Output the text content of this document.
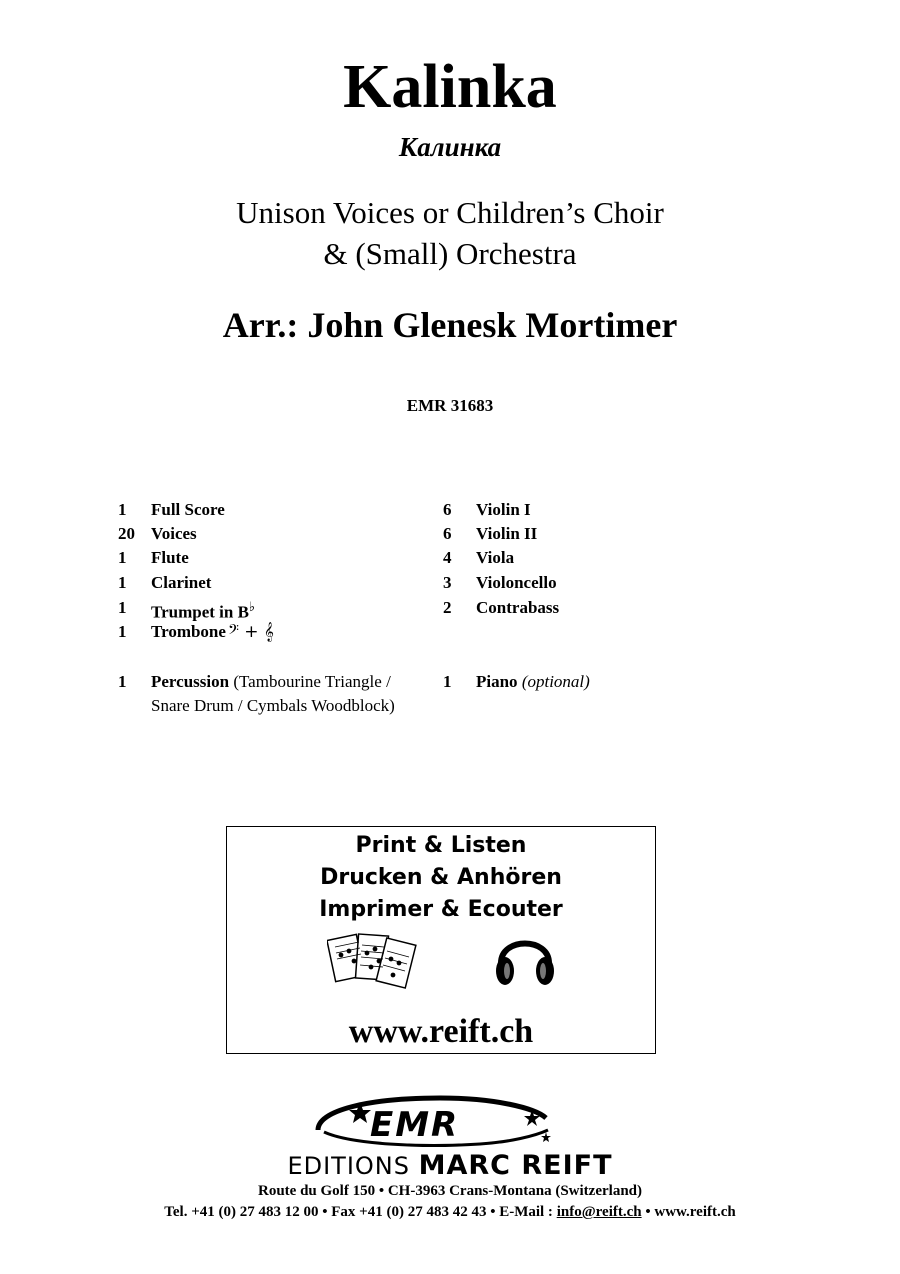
Kalinka
Калинка
Unison Voices or Children’s Choir
& (Small) Orchestra
Arr.: John Glenesk Mortimer
EMR 31683
1 Full Score
20 Voices
1 Flute
1 Clarinet
1 Trumpet in B♭
1 Trombone 𝄢 + 𝄞
6 Violin I
6 Violin II
4 Viola
3 Violoncello
2 Contrabass
1 Percussion (Tambourine Triangle / Snare Drum / Cymbals Woodblock)
1 Piano (optional)
Print & Listen
Drucken & Anhören
Imprimer & Ecouter
www.reift.ch
EMR
EDITIONS MARC REIFT
Route du Golf 150 • CH-3963 Crans-Montana (Switzerland)
Tel. +41 (0) 27 483 12 00 • Fax +41 (0) 27 483 42 43 • E-Mail : info@reift.ch • www.reift.ch
